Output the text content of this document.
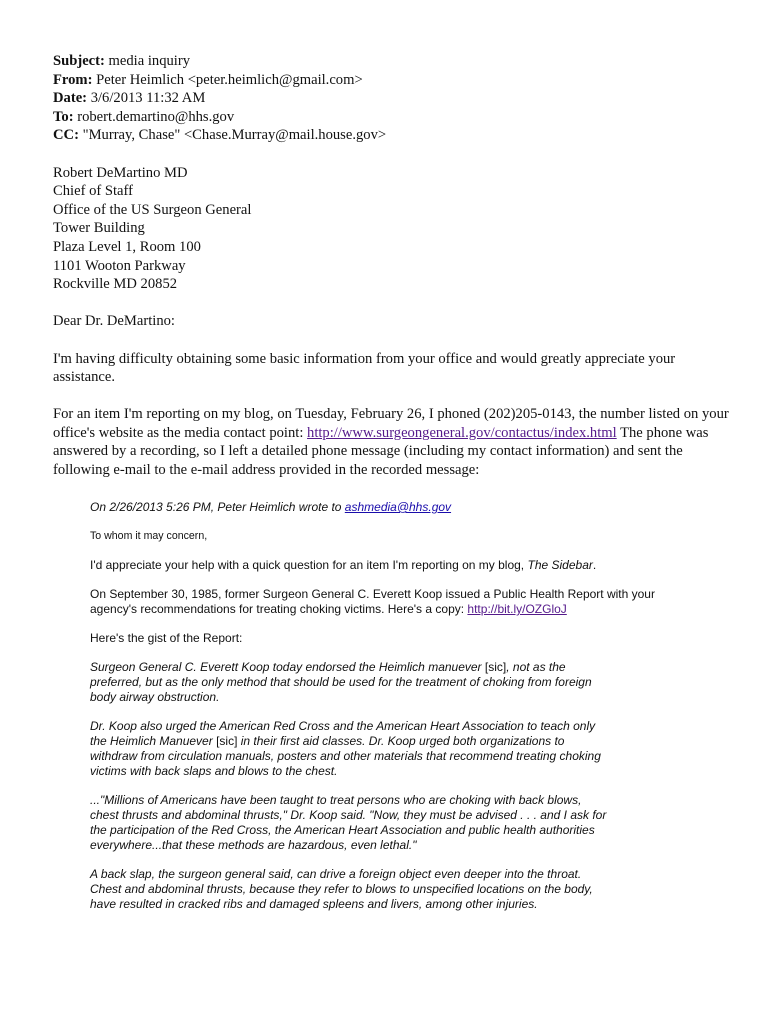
Subject: media inquiry
From: Peter Heimlich <peter.heimlich@gmail.com>
Date: 3/6/2013 11:32 AM
To: robert.demartino@hhs.gov
CC: "Murray, Chase" <Chase.Murray@mail.house.gov>
Robert DeMartino MD
Chief of Staff
Office of the US Surgeon General
Tower Building
Plaza Level 1, Room 100
1101 Wooton Parkway
Rockville MD 20852
Dear Dr. DeMartino:
I'm having difficulty obtaining some basic information from your office and would greatly appreciate your assistance.
For an item I'm reporting on my blog, on Tuesday, February 26, I phoned (202)205-0143, the number listed on your office's website as the media contact point: http://www.surgeongeneral.gov/contactus/index.html The phone was answered by a recording, so I left a detailed phone message (including my contact information) and sent the following e-mail to the e-mail address provided in the recorded message:

On 2/26/2013 5:26 PM, Peter Heimlich wrote to ashmedia@hhs.gov

To whom it may concern,

I'd appreciate your help with a quick question for an item I'm reporting on my blog, The Sidebar.

On September 30, 1985, former Surgeon General C. Everett Koop issued a Public Health Report with your agency's recommendations for treating choking victims. Here's a copy: http://bit.ly/OZGloJ

Here's the gist of the Report:

Surgeon General C. Everett Koop today endorsed the Heimlich manuever [sic], not as the preferred, but as the only method that should be used for the treatment of choking from foreign body airway obstruction.

Dr. Koop also urged the American Red Cross and the American Heart Association to teach only the Heimlich Manuever [sic] in their first aid classes. Dr. Koop urged both organizations to withdraw from circulation manuals, posters and other materials that recommend treating choking victims with back slaps and blows to the chest.

..."Millions of Americans have been taught to treat persons who are choking with back blows, chest thrusts and abdominal thrusts," Dr. Koop said. "Now, they must be advised . . . and I ask for the participation of the Red Cross, the American Heart Association and public health authorities everywhere...that these methods are hazardous, even lethal."

A back slap, the surgeon general said, can drive a foreign object even deeper into the throat. Chest and abdominal thrusts, because they refer to blows to unspecified locations on the body, have resulted in cracked ribs and damaged spleens and livers, among other injuries.
